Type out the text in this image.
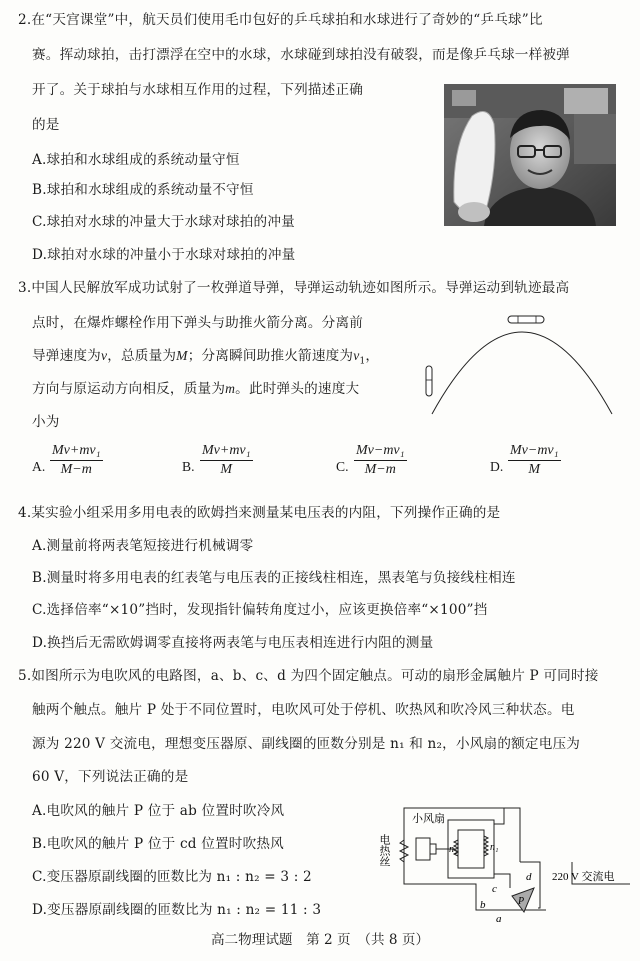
2.在“天宫课堂”中，航天员们使用毛巾包好的乒乓球拍和水球进行了奇妙的“乒乓球”比
赛。挥动球拍，击打漂浮在空中的水球，水球碰到球拍没有破裂，而是像乒乓球一样被弹
开了。关于球拍与水球相互作用的过程，下列描述正确
的是
A.球拍和水球组成的系统动量守恒
B.球拍和水球组成的系统动量不守恒
C.球拍对水球的冲量大于水球对球拍的冲量
D.球拍对水球的冲量小于水球对球拍的冲量
3.中国人民解放军成功试射了一枚弹道导弹，导弹运动轨迹如图所示。导弹运动到轨迹最高
点时，在爆炸螺栓作用下弹头与助推火箭分离。分离前
导弹速度为v，总质量为M；分离瞬间助推火箭速度为$v_1$，
方向与原运动方向相反，质量为m。此时弹头的速度大
小为
A. $\frac{\text{Mv+mv₁}}{M-m}$	B. $\frac{\text{Mv+mv₁}}{M}$	C. $\frac{\text{Mv−mv₁}}{M-m}$	D. $\frac{\text{Mv−mv₁}}{M}$
4.某实验小组采用多用电表的欧姆挡来测量某电压表的内阻，下列操作正确的是
A.测量前将两表笔短接进行机械调零
B.测量时将多用电表的红表笔与电压表的正接线柱相连，黑表笔与负接线柱相连
C.选择倍率“×10”挡时，发现指针偏转角度过小，应该更换倍率“×100”挡
D.换挡后无需欧姆调零直接将两表笔与电压表相连进行内阻的测量
5.如图所示为电吹风的电路图，a、b、c、d 为四个固定触点。可动的扇形金属触片 P 可同时接
触两个触点。触片 P 处于不同位置时，电吹风可处于停机、吹热风和吹冷风三种状态。电
源为 220 V 交流电，理想变压器原、副线圈的匝数分别是 n₁ 和 n₂，小风扇的额定电压为
60 V，下列说法正确的是
A.电吹风的触片 P 位于 ab 位置时吹冷风
B.电吹风的触片 P 位于 cd 位置时吹热风
C.变压器原副线圈的匝数比为 n₁ : n₂ = 3 : 2
D.变压器原副线圈的匝数比为 n₁ : n₂ = 11 : 3
小风扇
电热丝	n₂	n₁
c
d
b
a
P
220 V 交流电
高二物理试题　第 2 页　（共 8 页）
